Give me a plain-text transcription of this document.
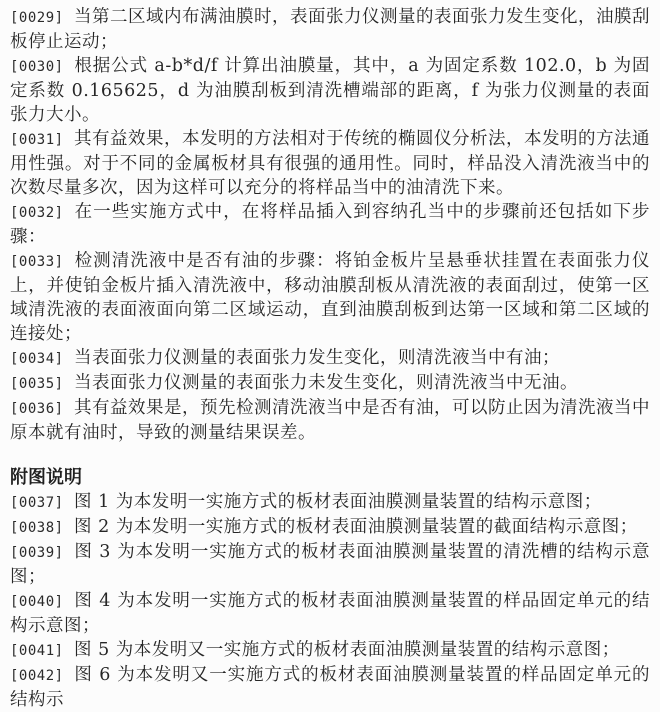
[0029] 当第二区域内布满油膜时，表面张力仪测量的表面张力发生变化，油膜刮板停止运动；

[0030] 根据公式 a-b*d/f 计算出油膜量，其中，a 为固定系数 102.0，b 为固定系数 0.165625，d 为油膜刮板到清洗槽端部的距离，f 为张力仪测量的表面张力大小。

[0031] 其有益效果，本发明的方法相对于传统的椭圆仪分析法，本发明的方法通用性强。对于不同的金属板材具有很强的通用性。同时，样品没入清洗液当中的次数尽量多次，因为这样可以充分的将样品当中的油清洗下来。

[0032] 在一些实施方式中，在将样品插入到容纳孔当中的步骤前还包括如下步骤：

[0033] 检测清洗液中是否有油的步骤：将铂金板片呈悬垂状挂置在表面张力仪上，并使铂金板片插入清洗液中，移动油膜刮板从清洗液的表面刮过，使第一区域清洗液的表面液面向第二区域运动，直到油膜刮板到达第一区域和第二区域的连接处；

[0034] 当表面张力仪测量的表面张力发生变化，则清洗液当中有油；

[0035] 当表面张力仪测量的表面张力未发生变化，则清洗液当中无油。

[0036] 其有益效果是，预先检测清洗液当中是否有油，可以防止因为清洗液当中原本就有油时，导致的测量结果误差。

附图说明

[0037] 图 1 为本发明一实施方式的板材表面油膜测量装置的结构示意图；

[0038] 图 2 为本发明一实施方式的板材表面油膜测量装置的截面结构示意图；

[0039] 图 3 为本发明一实施方式的板材表面油膜测量装置的清洗槽的结构示意图；

[0040] 图 4 为本发明一实施方式的板材表面油膜测量装置的样品固定单元的结构示意图；

[0041] 图 5 为本发明又一实施方式的板材表面油膜测量装置的结构示意图；

[0042] 图 6 为本发明又一实施方式的板材表面油膜测量装置的样品固定单元的结构示
